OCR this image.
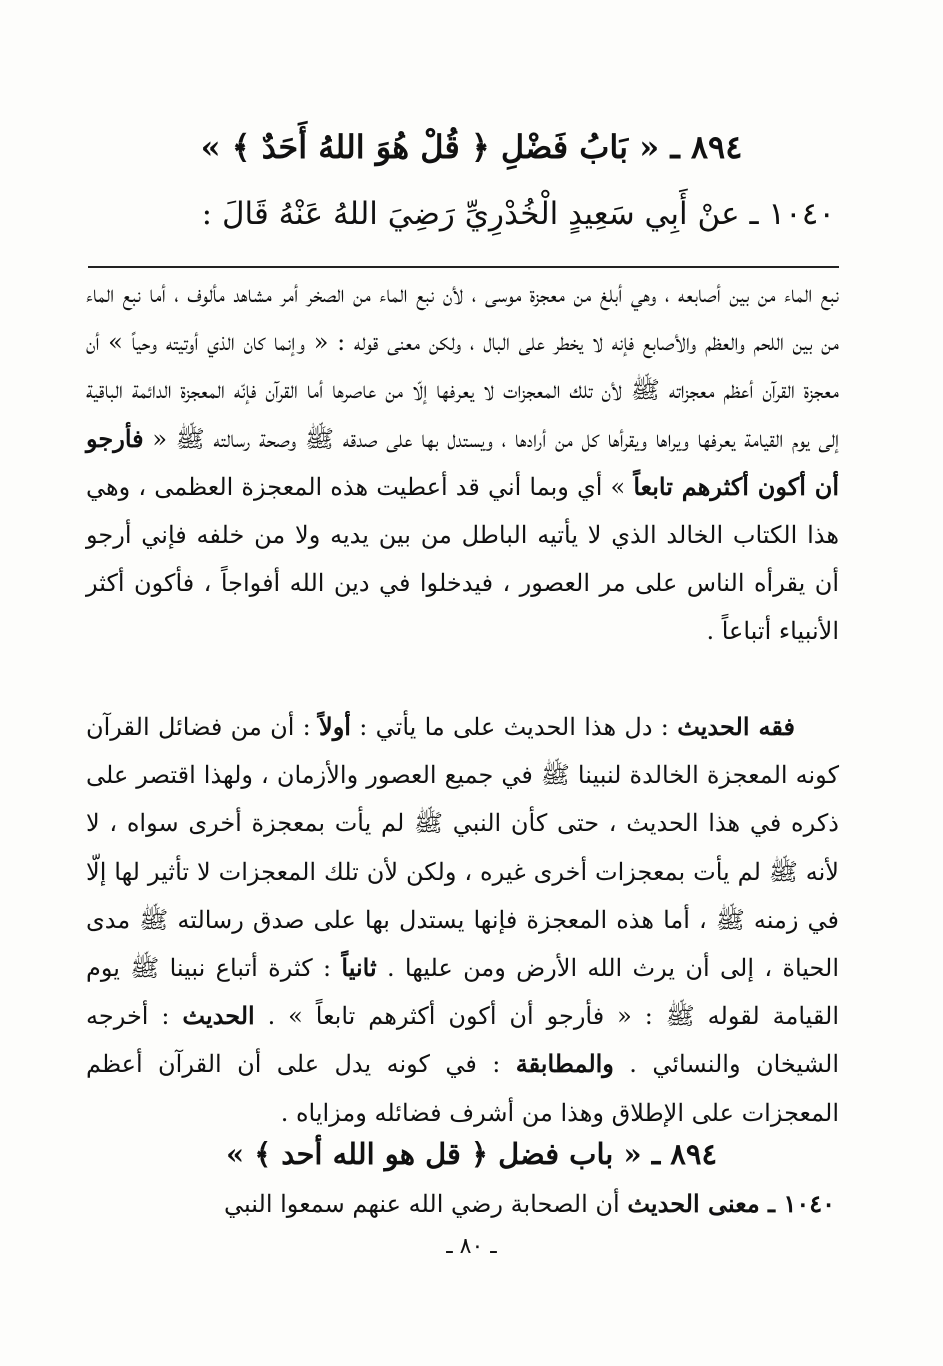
٨٩٤ ـ « بَابُ فَضْلِ ﴿ قُلْ هُوَ اللهُ أَحَدٌ ﴾ »
١٠٤٠ ـ عنْ أَبِي سَعِيدٍ الْخُدْرِيِّ رَضِيَ اللهُ عَنْهُ قَالَ :

نبع الماء من بين أصابعه ، وهي أبلغ من معجزة موسى ، لأن نبع الماء من الصخر أمر مشاهد مألوف ، أما نبع الماء من بين اللحم والعظم والأصابع فإنه لا يخطر على البال ، ولكن معنى قوله : « وإنما كان الذي أوتيته وحياً » أن معجزة القرآن أعظم معجزاته ﷺ لأن تلك المعجزات لا يعرفها إلّا من عاصرها أما القرآن فإنّه المعجزة الدائمة الباقية إلى يوم القيامة يعرفها ويراها ويقرأها كل من أرادها ، ويستدل بها على صدقه ﷺ وصحة رسالته ﷺ « فأرجو أن أكون أكثرهم تابعاً » أي وبما أني قد أعطيت هذه المعجزة العظمى ، وهي هذا الكتاب الخالد الذي لا يأتيه الباطل من بين يديه ولا من خلفه فإني أرجو أن يقرأه الناس على مر العصور ، فيدخلوا في دين الله أفواجاً ، فأكون أكثر الأنبياء أتباعاً .

فقه الحديث : دل هذا الحديث على ما يأتي : أولاً : أن من فضائل القرآن كونه المعجزة الخالدة لنبينا ﷺ في جميع العصور والأزمان ، ولهذا اقتصر على ذكره في هذا الحديث ، حتى كأن النبي ﷺ لم يأت بمعجزة أخرى سواه ، لا لأنه ﷺ لم يأت بمعجزات أخرى غيره ، ولكن لأن تلك المعجزات لا تأثير لها إلّا في زمنه ﷺ ، أما هذه المعجزة فإنها يستدل بها على صدق رسالته ﷺ مدى الحياة ، إلى أن يرث الله الأرض ومن عليها . ثانياً : كثرة أتباع نبينا ﷺ يوم القيامة لقوله ﷺ : « فأرجو أن أكون أكثرهم تابعاً » . الحديث : أخرجه الشيخان والنسائي . والمطابقة : في كونه يدل على أن القرآن أعظم المعجزات على الإطلاق وهذا من أشرف فضائله ومزاياه .

٨٩٤ ـ « باب فضل ﴿ قل هو الله أحد ﴾ »
١٠٤٠ ـ معنى الحديث أن الصحابة رضي الله عنهم سمعوا النبي
ـ ٨٠ ـ
